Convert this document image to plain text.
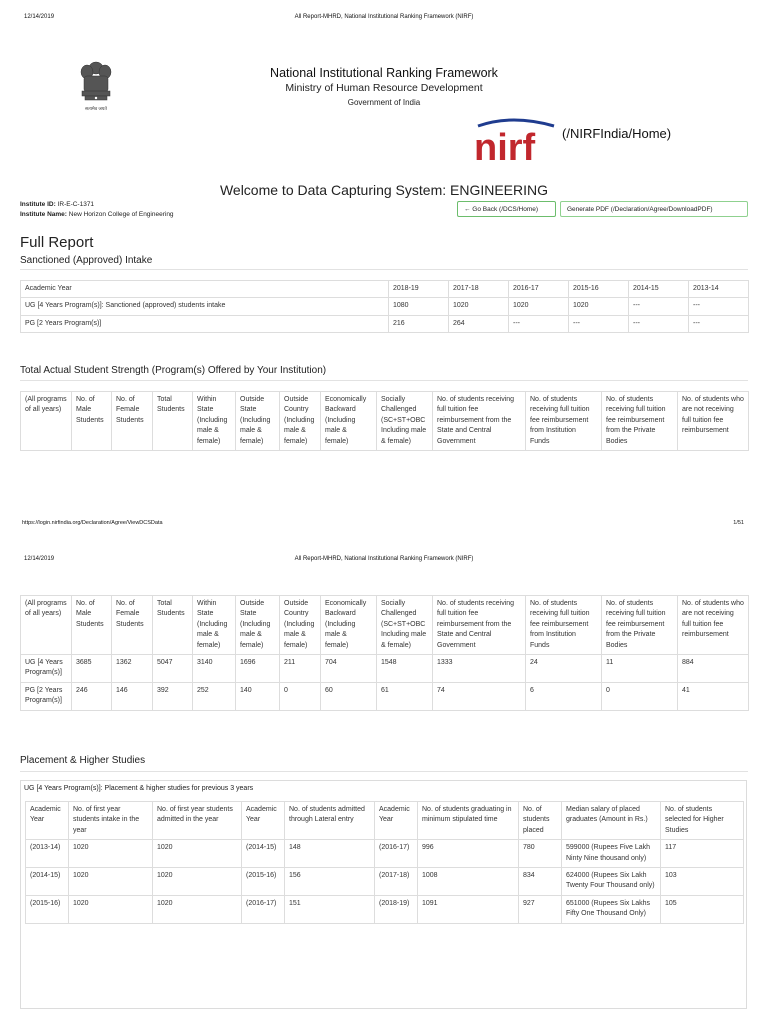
12/14/2019	All Report-MHRD, National Institutional Ranking Framework (NIRF)
सत्यमेव जयते
National Institutional Ranking Framework
Ministry of Human Resource Development
Government of India
nirf (/NIRFIndia/Home)
Welcome to Data Capturing System: ENGINEERING
Institute ID: IR-E-C-1371
Institute Name: New Horizon College of Engineering
← Go Back (/DCS/Home)	Generate PDF (/Declaration/Agree/DownloadPDF)
Full Report
Sanctioned (Approved) Intake
Academic Year	2018-19	2017-18	2016-17	2015-16	2014-15	2013-14
UG [4 Years Program(s)]: Sanctioned (approved) students intake	1080	1020	1020	1020	---	---
PG [2 Years Program(s)]	216	264	---	---	---	---
Total Actual Student Strength (Program(s) Offered by Your Institution)
(All programs of all years)	No. of Male Students	No. of Female Students	Total Students	Within State (Including male & female)	Outside State (Including male & female)	Outside Country (Including male & female)	Economically Backward (Including male & female)	Socially Challenged (SC+ST+OBC Including male & female)	No. of students receiving full tuition fee reimbursement from the State and Central Government	No. of students receiving full tuition fee reimbursement from Institution Funds	No. of students receiving full tuition fee reimbursement from the Private Bodies	No. of students who are not receiving full tuition fee reimbursement
https://login.nirfindia.org/Declaration/Agree/ViewDCSData	1/51
12/14/2019	All Report-MHRD, National Institutional Ranking Framework (NIRF)
(All programs of all years)	No. of Male Students	No. of Female Students	Total Students	Within State (Including male & female)	Outside State (Including male & female)	Outside Country (Including male & female)	Economically Backward (Including male & female)	Socially Challenged (SC+ST+OBC Including male & female)	No. of students receiving full tuition fee reimbursement from the State and Central Government	No. of students receiving full tuition fee reimbursement from Institution Funds	No. of students receiving full tuition fee reimbursement from the Private Bodies	No. of students who are not receiving full tuition fee reimbursement
UG [4 Years Program(s)]	3685	1362	5047	3140	1696	211	704	1548	1333	24	11	884
PG [2 Years Program(s)]	246	146	392	252	140	0	60	61	74	6	0	41
Placement & Higher Studies
UG [4 Years Program(s)]: Placement & higher studies for previous 3 years
Academic Year	No. of first year students intake in the year	No. of first year students admitted in the year	Academic Year	No. of students admitted through Lateral entry	Academic Year	No. of students graduating in minimum stipulated time	No. of students placed	Median salary of placed graduates (Amount in Rs.)	No. of students selected for Higher Studies
(2013-14)	1020	1020	(2014-15)	148	(2016-17)	996	780	599000 (Rupees Five Lakh Ninty Nine thousand only)	117
(2014-15)	1020	1020	(2015-16)	156	(2017-18)	1008	834	624000 (Rupees Six Lakh Twenty Four Thousand only)	103
(2015-16)	1020	1020	(2016-17)	151	(2018-19)	1091	927	651000 (Rupees Six Lakhs Fifty One Thousand Only)	105
